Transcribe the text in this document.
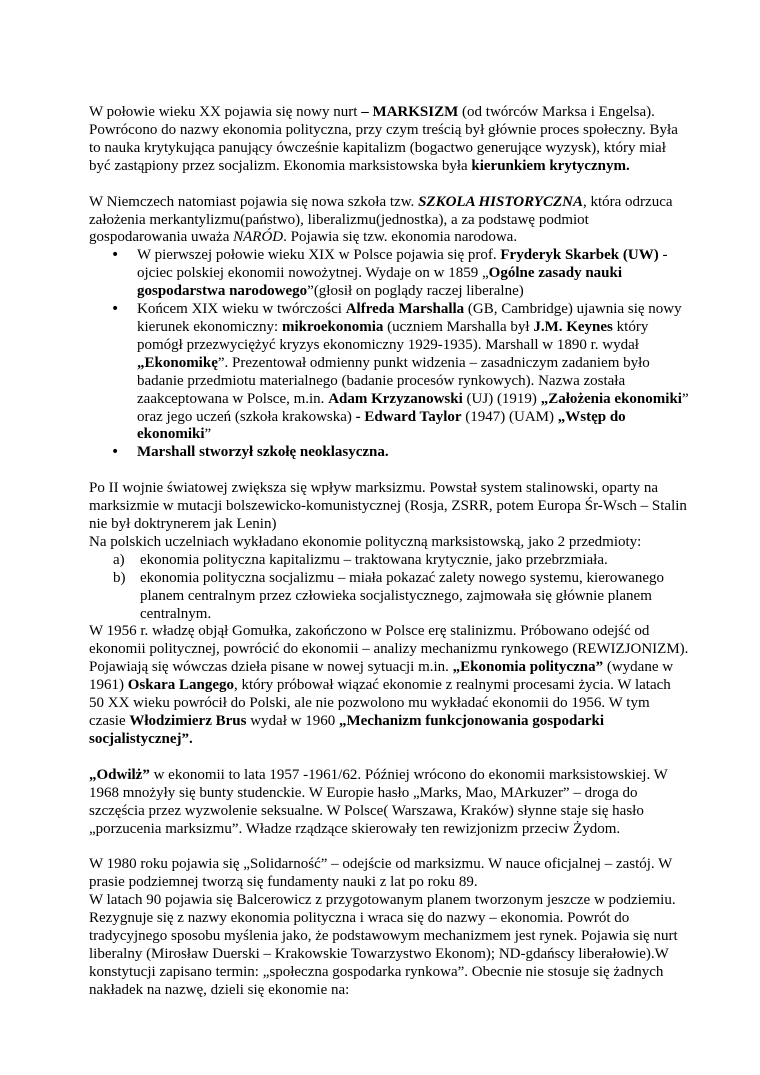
W połowie wieku XX pojawia się nowy nurt – MARKSIZM (od twórców Marksa i Engelsa). Powrócono do nazwy ekonomia polityczna, przy czym treścią był głównie proces społeczny. Była to nauka krytykująca panujący ówcześnie kapitalizm (bogactwo generujące wyzysk), który miał być zastąpiony przez socjalizm. Ekonomia marksistowska była kierunkiem krytycznym.

W Niemczech natomiast pojawia się nowa szkoła tzw. SZKOLA HISTORYCZNA, która odrzuca założenia merkantylizmu(państwo), liberalizmu(jednostka), a za podstawę podmiot gospodarowania uważa NARÓD. Pojawia się tzw. ekonomia narodowa.

• W pierwszej połowie wieku XIX w Polsce pojawia się prof. Fryderyk Skarbek (UW) - ojciec polskiej ekonomii nowożytnej. Wydaje on w 1859 „Ogólne zasady nauki gospodarstwa narodowego”(głosił on poglądy raczej liberalne)
• Końcem XIX wieku w twórczości Alfreda Marshalla (GB, Cambridge) ujawnia się nowy kierunek ekonomiczny: mikroekonomia (uczniem Marshalla był J.M. Keynes który pomógł przezwyciężyć kryzys ekonomiczny 1929-1935). Marshall w 1890 r. wydał „Ekonomikę”. Prezentował odmienny punkt widzenia – zasadniczym zadaniem było badanie przedmiotu materialnego (badanie procesów rynkowych). Nazwa została zaakceptowana w Polsce, m.in. Adam Krzyzanowski (UJ) (1919) „Założenia ekonomiki” oraz jego uczeń (szkoła krakowska) - Edward Taylor (1947) (UAM) „Wstęp do ekonomiki”
• Marshall stworzył szkołę neoklasyczna.

Po II wojnie światowej zwiększa się wpływ marksizmu. Powstał system stalinowski, oparty na marksizmie w mutacji bolszewicko-komunistycznej (Rosja, ZSRR, potem Europa Śr-Wsch – Stalin nie był doktrynerem jak Lenin)

Na polskich uczelniach wykładano ekonomie polityczną marksistowską, jako 2 przedmioty:

a) ekonomia polityczna kapitalizmu – traktowana krytycznie, jako przebrzmiała.
b) ekonomia polityczna socjalizmu – miała pokazać zalety nowego systemu, kierowanego planem centralnym przez człowieka socjalistycznego, zajmowała się głównie planem centralnym.

W 1956 r. władzę objął Gomułka, zakończono w Polsce erę stalinizmu. Próbowano odejść od ekonomii politycznej, powrócić do ekonomii – analizy mechanizmu rynkowego (REWIZJONIZM). Pojawiają się wówczas dzieła pisane w nowej sytuacji m.in. „Ekonomia polityczna” (wydane w 1961) Oskara Langego, który próbował wiązać ekonomie z realnymi procesami życia. W latach 50 XX wieku powrócił do Polski, ale nie pozwolono mu wykładać ekonomii do 1956. W tym czasie Włodzimierz Brus wydał w 1960 „Mechanizm funkcjonowania gospodarki socjalistycznej”.

„Odwilż” w ekonomii to lata 1957 -1961/62. Później wrócono do ekonomii marksistowskiej. W 1968 mnożyły się bunty studenckie. W Europie hasło „Marks, Mao, MArkuzer” – droga do szczęścia przez wyzwolenie seksualne. W Polsce( Warszawa, Kraków) słynne staje się hasło „porzucenia marksizmu”. Władze rządzące skierowały ten rewizjonizm przeciw Żydom.

W 1980 roku pojawia się „Solidarność” – odejście od marksizmu. W nauce oficjalnej – zastój. W prasie podziemnej tworzą się fundamenty nauki z lat po roku 89.

W latach 90 pojawia się Balcerowicz z przygotowanym planem tworzonym jeszcze w podziemiu. Rezygnuje się z nazwy ekonomia polityczna i wraca się do nazwy – ekonomia. Powrót do tradycyjnego sposobu myślenia jako, że podstawowym mechanizmem jest rynek. Pojawia się nurt liberalny (Mirosław Duerski – Krakowskie Towarzystwo Ekonom); ND-gdańscy liberałowie).W konstytucji zapisano termin: „społeczna gospodarka rynkowa”. Obecnie nie stosuje się żadnych nakładek na nazwę, dzieli się ekonomie na:
